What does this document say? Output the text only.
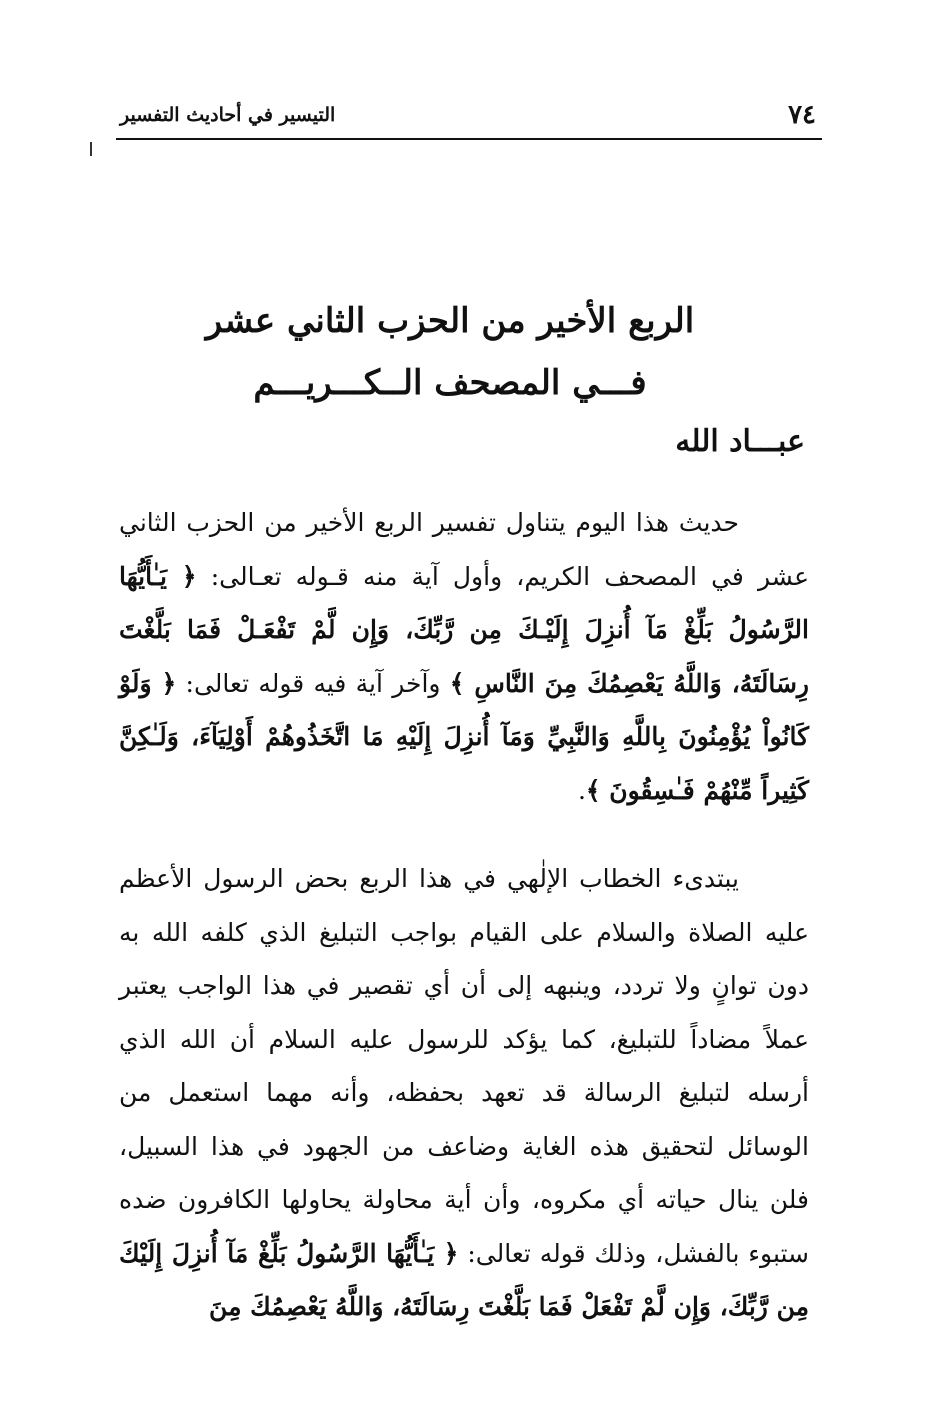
٧٤
التيسير في أحاديث التفسير
الربع الأخير من الحزب الثاني عشر
فـــي المصحف الــكـــريـــم
عبـــاد الله
حديث هذا اليوم يتناول تفسير الربع الأخير من الحزب الثاني عشر في المصحف الكريم، وأول آية منه قـوله تعـالى: ﴿ يَـٰأَيُّهَا الرَّسُولُ بَلِّغْ مَآ أُنزِلَ إِلَيْـكَ مِن رَّبِّكَ، وَإِن لَّمْ تَفْعَـلْ فَمَا بَلَّغْتَ رِسَالَتَهُ، وَاللَّهُ يَعْصِمُكَ مِنَ النَّاسِ ﴾ وآخر آية فيه قوله تعالى: ﴿ وَلَوْ كَانُواْ يُؤْمِنُونَ بِاللَّهِ وَالنَّبِيِّ وَمَآ أُنزِلَ إِلَيْهِ مَا اتَّخَذُوهُمْ أَوْلِيَآءَ، وَلَـٰكِنَّ كَثِيراً مِّنْهُمْ فَـٰسِقُونَ ﴾.
يبتدىء الخطاب الإلٰهي في هذا الربع بحض الرسول الأعظم عليه الصلاة والسلام على القيام بواجب التبليغ الذي كلفه الله به دون توانٍ ولا تردد، وينبهه إلى أن أي تقصير في هذا الواجب يعتبر عملاً مضاداً للتبليغ، كما يؤكد للرسول عليه السلام أن الله الذي أرسله لتبليغ الرسالة قد تعهد بحفظه، وأنه مهما استعمل من الوسائل لتحقيق هذه الغاية وضاعف من الجهود في هذا السبيل، فلن ينال حياته أي مكروه، وأن أية محاولة يحاولها الكافرون ضده ستبوء بالفشل، وذلك قوله تعالى: ﴿ يَـٰأَيُّهَا الرَّسُولُ بَلِّغْ مَآ أُنزِلَ إِلَيْكَ مِن رَّبِّكَ، وَإِن لَّمْ تَفْعَلْ فَمَا بَلَّغْتَ رِسَالَتَهُ، وَاللَّهُ يَعْصِمُكَ مِنَ
